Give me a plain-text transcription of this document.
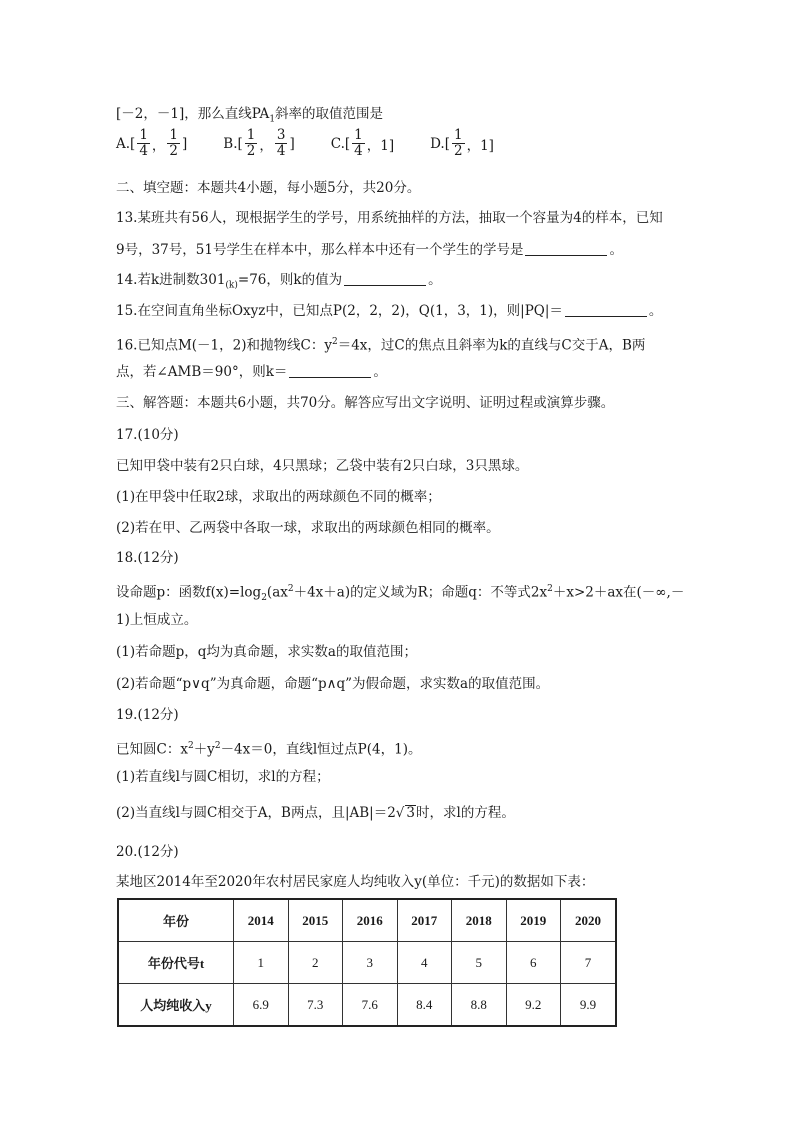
[－2，－1]，那么直线$PA_1$斜率的取值范围是
$A.[ \frac{1}{4}$ ， $\frac{1}{2}$ ]	$B.[ \frac{1}{2}$ ， $\frac{3}{4}$ ]	$C.[ \frac{1}{4}$ ，1]	$D.[ \frac{1}{2}$ ，1]
二、填空题：本题共4小题，每小题5分，共20分。
13.某班共有56人，现根据学生的学号，用系统抽样的方法，抽取一个容量为4的样本，已知
9号，37号，51号学生在样本中，那么样本中还有一个学生的学号是	。
14.若k进制数$301_{(k)}=76$，则k的值为	。
15.在空间直角坐标Oxyz中，已知点P(2，2，2)，Q(1，3，1)，则|PQ|＝	。
16.已知点M(－1，2)和抛物线C：$y^2=4x$，过C的焦点且斜率为k的直线与C交于A，B两
点，若∠AMB＝90°，则k＝	。
三、解答题：本题共6小题，共70分。解答应写出文字说明、证明过程或演算步骤。
17.(10分)
已知甲袋中装有2只白球，4只黑球；乙袋中装有2只白球，3只黑球。
(1)在甲袋中任取2球，求取出的两球颜色不同的概率；
(2)若在甲、乙两袋中各取一球，求取出的两球颜色相同的概率。
18.(12分)
设命题p：函数$f(x)=\log_2(ax^2+4x+a)$的定义域为R；命题q：不等式$2x^2+x>2+ax$在(－∞,－
1)上恒成立。
(1)若命题p，q均为真命题，求实数a的取值范围；
(2)若命题“p∨q”为真命题，命题“p∧q”为假命题，求实数a的取值范围。
19.(12分)
已知圆C：$x^2+y^2-4x=0$，直线l恒过点P(4，1)。
(1)若直线l与圆C相切，求l的方程；
(2)当直线l与圆C相交于A，B两点，且|AB|＝2√ 3时，求l的方程。
20.(12分)
某地区2014年至2020年农村居民家庭人均纯收入y(单位：千元)的数据如下表：
年份	2014	2015	2016	2017	2018	2019	2020
年份代号t	1	2	3	4	5	6	7
人均纯收入y	6.9	7.3	7.6	8.4	8.8	9.2	9.9
